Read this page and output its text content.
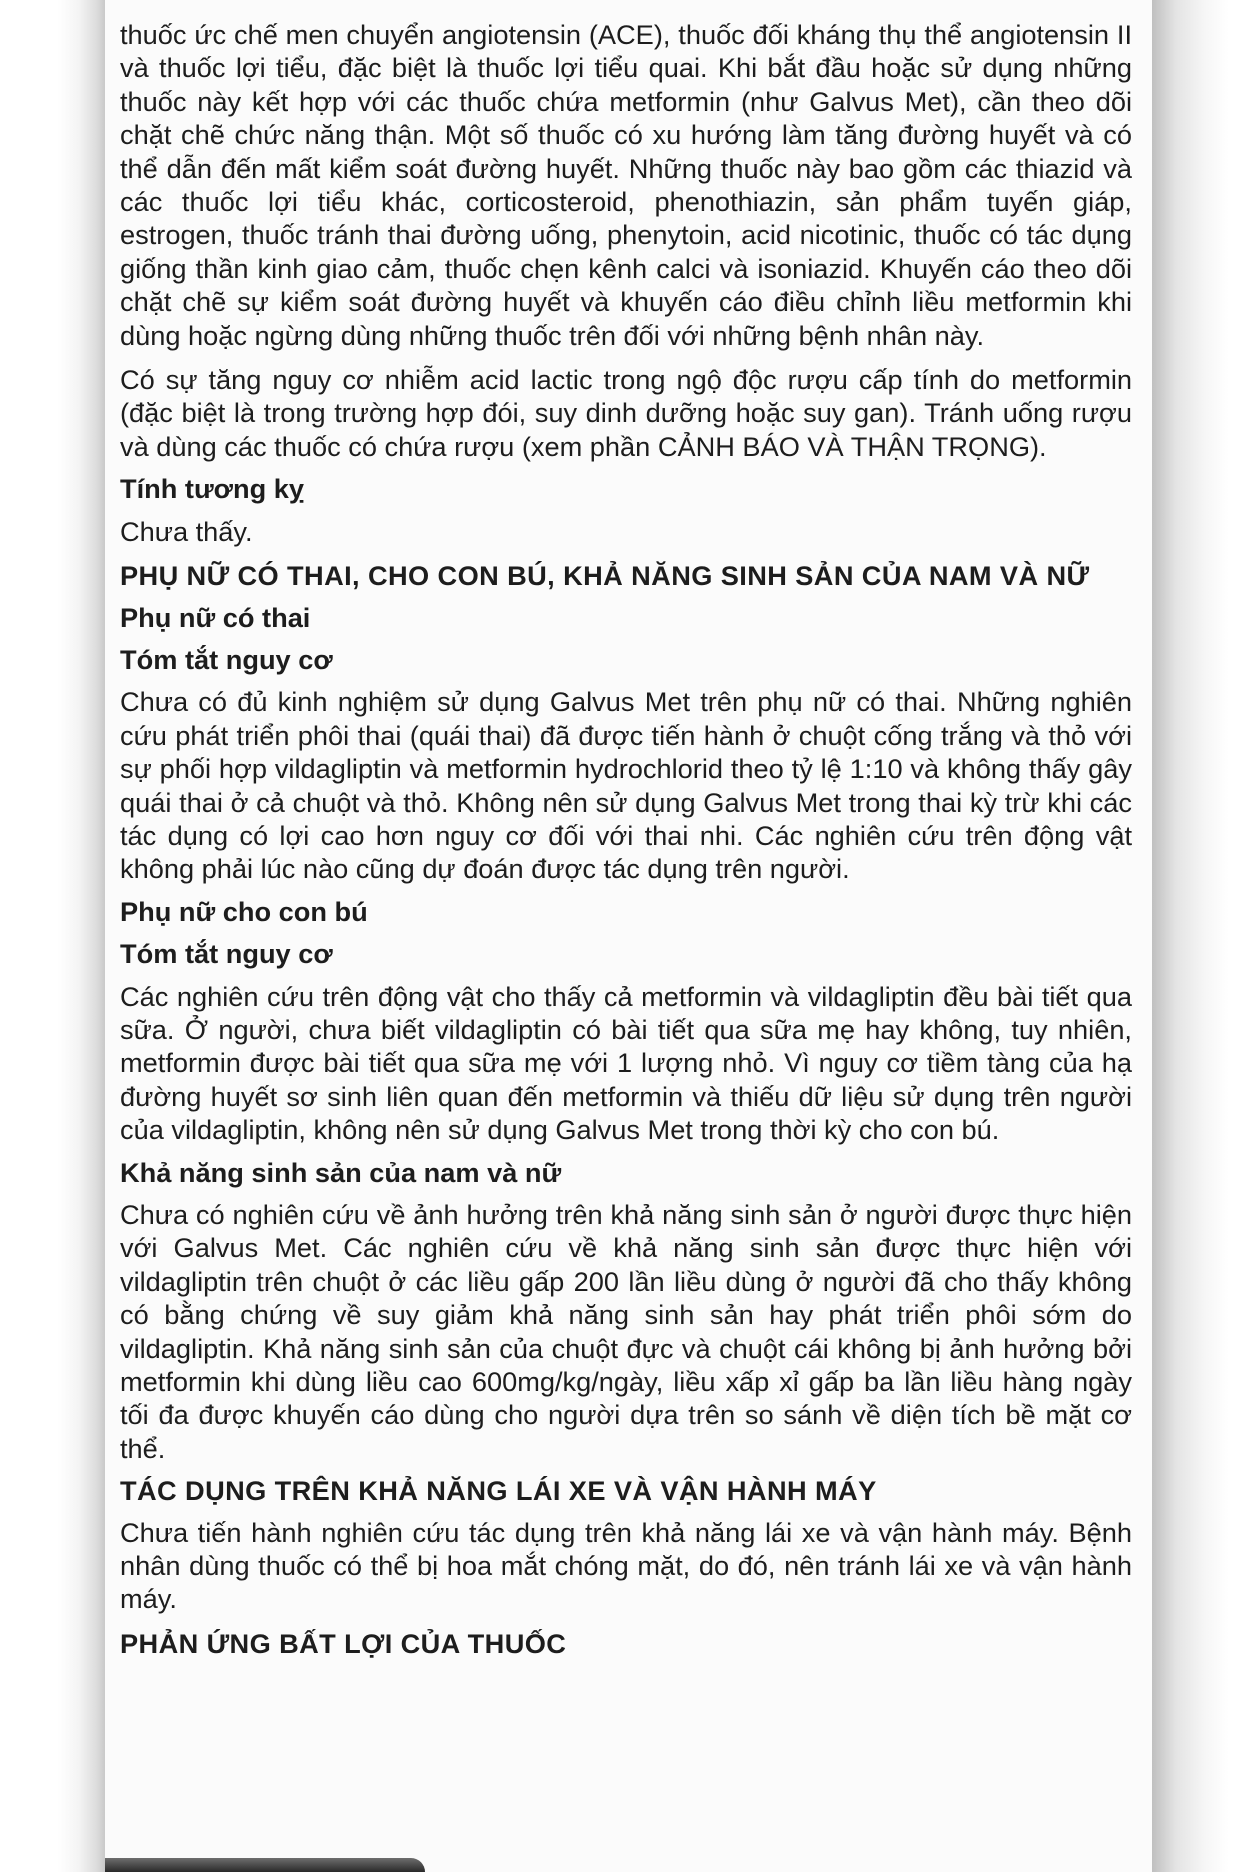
thuốc ức chế men chuyển angiotensin (ACE), thuốc đối kháng thụ thể angiotensin II và thuốc lợi tiểu, đặc biệt là thuốc lợi tiểu quai. Khi bắt đầu hoặc sử dụng những thuốc này kết hợp với các thuốc chứa metformin (như Galvus Met), cần theo dõi chặt chẽ chức năng thận. Một số thuốc có xu hướng làm tăng đường huyết và có thể dẫn đến mất kiểm soát đường huyết. Những thuốc này bao gồm các thiazid và các thuốc lợi tiểu khác, corticosteroid, phenothiazin, sản phẩm tuyến giáp, estrogen, thuốc tránh thai đường uống, phenytoin, acid nicotinic, thuốc có tác dụng giống thần kinh giao cảm, thuốc chẹn kênh calci và isoniazid. Khuyến cáo theo dõi chặt chẽ sự kiểm soát đường huyết và khuyến cáo điều chỉnh liều metformin khi dùng hoặc ngừng dùng những thuốc trên đối với những bệnh nhân này.

Có sự tăng nguy cơ nhiễm acid lactic trong ngộ độc rượu cấp tính do metformin (đặc biệt là trong trường hợp đói, suy dinh dưỡng hoặc suy gan). Tránh uống rượu và dùng các thuốc có chứa rượu (xem phần CẢNH BÁO VÀ THẬN TRỌNG).

Tính tương kỵ

Chưa thấy.

PHỤ NỮ CÓ THAI, CHO CON BÚ, KHẢ NĂNG SINH SẢN CỦA NAM VÀ NỮ
Phụ nữ có thai
Tóm tắt nguy cơ

Chưa có đủ kinh nghiệm sử dụng Galvus Met trên phụ nữ có thai. Những nghiên cứu phát triển phôi thai (quái thai) đã được tiến hành ở chuột cống trắng và thỏ với sự phối hợp vildagliptin và metformin hydrochlorid theo tỷ lệ 1:10 và không thấy gây quái thai ở cả chuột và thỏ. Không nên sử dụng Galvus Met trong thai kỳ trừ khi các tác dụng có lợi cao hơn nguy cơ đối với thai nhi. Các nghiên cứu trên động vật không phải lúc nào cũng dự đoán được tác dụng trên người.

Phụ nữ cho con bú
Tóm tắt nguy cơ

Các nghiên cứu trên động vật cho thấy cả metformin và vildagliptin đều bài tiết qua sữa. Ở người, chưa biết vildagliptin có bài tiết qua sữa mẹ hay không, tuy nhiên, metformin được bài tiết qua sữa mẹ với 1 lượng nhỏ. Vì nguy cơ tiềm tàng của hạ đường huyết sơ sinh liên quan đến metformin và thiếu dữ liệu sử dụng trên người của vildagliptin, không nên sử dụng Galvus Met trong thời kỳ cho con bú.

Khả năng sinh sản của nam và nữ

Chưa có nghiên cứu về ảnh hưởng trên khả năng sinh sản ở người được thực hiện với Galvus Met. Các nghiên cứu về khả năng sinh sản được thực hiện với vildagliptin trên chuột ở các liều gấp 200 lần liều dùng ở người đã cho thấy không có bằng chứng về suy giảm khả năng sinh sản hay phát triển phôi sớm do vildagliptin. Khả năng sinh sản của chuột đực và chuột cái không bị ảnh hưởng bởi metformin khi dùng liều cao 600mg/kg/ngày, liều xấp xỉ gấp ba lần liều hàng ngày tối đa được khuyến cáo dùng cho người dựa trên so sánh về diện tích bề mặt cơ thể.

TÁC DỤNG TRÊN KHẢ NĂNG LÁI XE VÀ VẬN HÀNH MÁY

Chưa tiến hành nghiên cứu tác dụng trên khả năng lái xe và vận hành máy. Bệnh nhân dùng thuốc có thể bị hoa mắt chóng mặt, do đó, nên tránh lái xe và vận hành máy.

PHẢN ỨNG BẤT LỢI CỦA THUỐC
